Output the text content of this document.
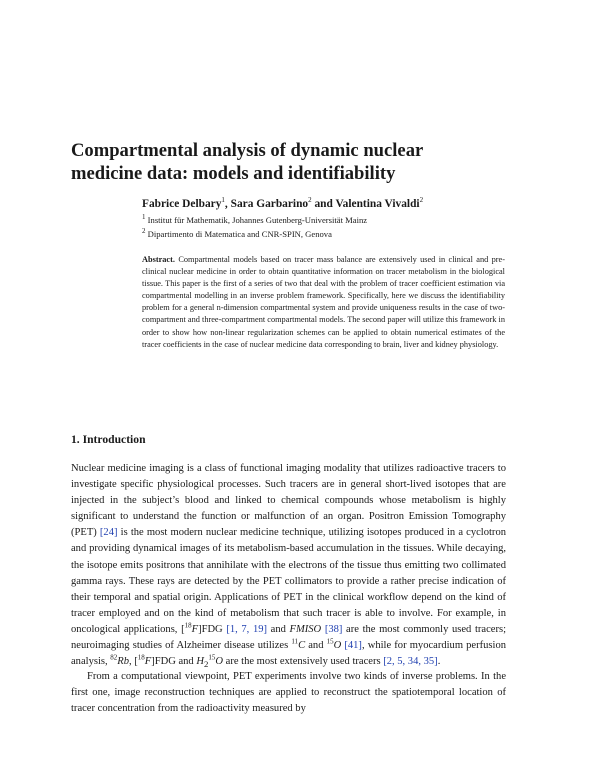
Compartmental analysis of dynamic nuclear medicine data: models and identifiability

Fabrice Delbary$^1$, Sara Garbarino$^2$ and Valentina Vivaldi$^2$

$^1$ Institut für Mathematik, Johannes Gutenberg-Universität Mainz

$^2$ Dipartimento di Matematica and CNR-SPIN, Genova

Abstract. Compartmental models based on tracer mass balance are extensively used in clinical and pre-clinical nuclear medicine in order to obtain quantitative information on tracer metabolism in the biological tissue. This paper is the first of a series of two that deal with the problem of tracer coefficient estimation via compartmental modelling in an inverse problem framework. Specifically, here we discuss the identifiability problem for a general n-dimension compartmental system and provide uniqueness results in the case of two-compartment and three-compartment compartmental models. The second paper will utilize this framework in order to show how non-linear regularization schemes can be applied to obtain numerical estimates of the tracer coefficients in the case of nuclear medicine data corresponding to brain, liver and kidney physiology.

1. Introduction

Nuclear medicine imaging is a class of functional imaging modality that utilizes radioactive tracers to investigate specific physiological processes. Such tracers are in general short-lived isotopes that are injected in the subject’s blood and linked to chemical compounds whose metabolism is highly significant to understand the function or malfunction of an organ. Positron Emission Tomography (PET) [24] is the most modern nuclear medicine technique, utilizing isotopes produced in a cyclotron and providing dynamical images of its metabolism-based accumulation in the tissues. While decaying, the isotope emits positrons that annihilate with the electrons of the tissue thus emitting two collimated gamma rays. These rays are detected by the PET collimators to provide a rather precise indication of their temporal and spatial origin. Applications of PET in the clinical workflow depend on the kind of tracer employed and on the kind of metabolism that such tracer is able to involve. For example, in oncological applications, [$^{18}$F]FDG [1, 7, 19] and FMISO [38] are the most commonly used tracers; neuroimaging studies of Alzheimer disease utilizes $^{11}$C and $^{15}$O [41], while for myocardium perfusion analysis, $^{82}$Rb, [$^{18}$F]FDG and $H_2^{15}O$ are the most extensively used tracers [2, 5, 34, 35].

From a computational viewpoint, PET experiments involve two kinds of inverse problems. In the first one, image reconstruction techniques are applied to reconstruct the spatiotemporal location of tracer concentration from the radioactivity measured by
